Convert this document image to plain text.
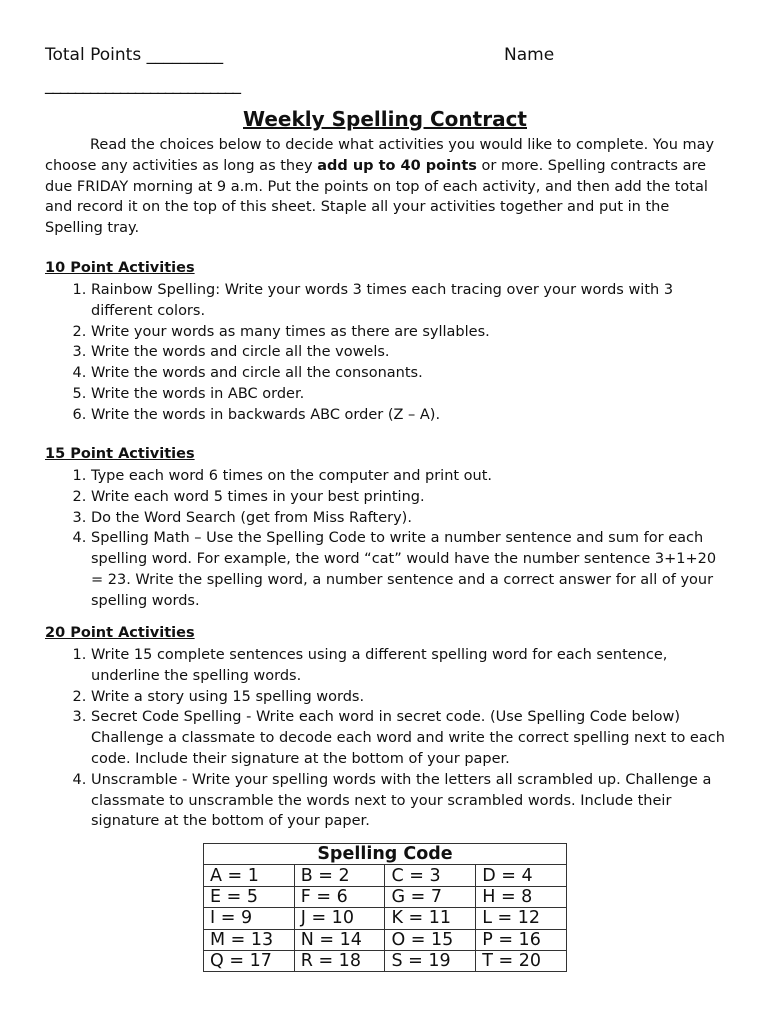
Total Points _________	Name
__________________________
Weekly Spelling Contract
Read the choices below to decide what activities you would like to complete. You may choose any activities as long as they add up to 40 points or more. Spelling contracts are due FRIDAY morning at 9 a.m. Put the points on top of each activity, and then add the total and record it on the top of this sheet. Staple all your activities together and put in the Spelling tray.
10 Point Activities
1. Rainbow Spelling: Write your words 3 times each tracing over your words with 3 different colors.
2. Write your words as many times as there are syllables.
3. Write the words and circle all the vowels.
4. Write the words and circle all the consonants.
5. Write the words in ABC order.
6. Write the words in backwards ABC order (Z – A).
15 Point Activities
1. Type each word 6 times on the computer and print out.
2. Write each word 5 times in your best printing.
3. Do the Word Search (get from Miss Raftery).
4. Spelling Math – Use the Spelling Code to write a number sentence and sum for each spelling word. For example, the word “cat” would have the number sentence 3+1+20 = 23. Write the spelling word, a number sentence and a correct answer for all of your spelling words.
20 Point Activities
1. Write 15 complete sentences using a different spelling word for each sentence, underline the spelling words.
2. Write a story using 15 spelling words.
3. Secret Code Spelling - Write each word in secret code. (Use Spelling Code below) Challenge a classmate to decode each word and write the correct spelling next to each code. Include their signature at the bottom of your paper.
4. Unscramble - Write your spelling words with the letters all scrambled up. Challenge a classmate to unscramble the words next to your scrambled words. Include their signature at the bottom of your paper.
Spelling Code			
A = 1	B = 2	C = 3	D = 4
E = 5	F = 6	G = 7	H = 8
I = 9	J = 10	K = 11	L = 12
M = 13	N = 14	O = 15	P = 16
Q = 17	R = 18	S = 19	T = 20
